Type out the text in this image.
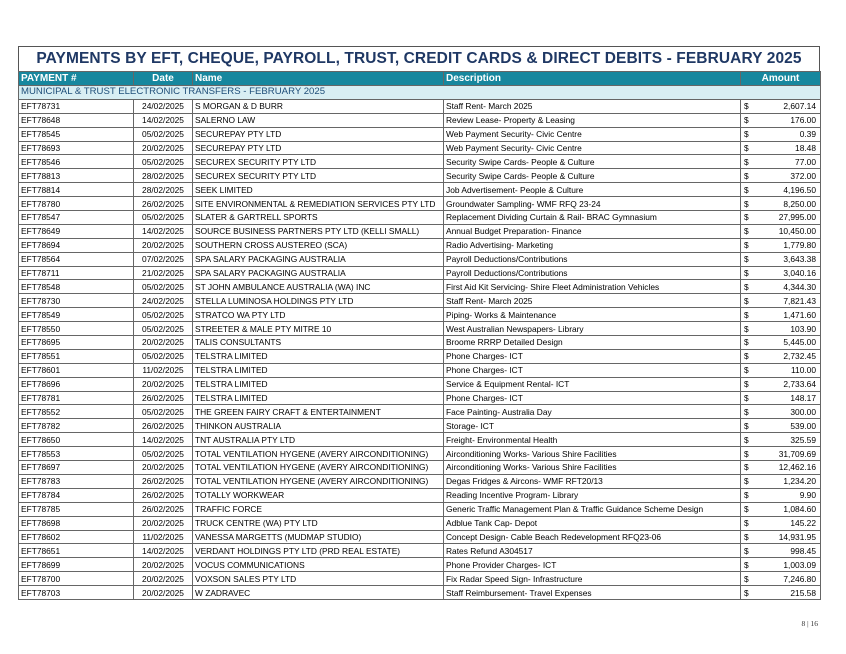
PAYMENTS BY EFT, CHEQUE, PAYROLL, TRUST, CREDIT CARDS & DIRECT DEBITS - FEBRUARY 2025
PAYMENT #	Date	Name	Description	Amount	
MUNICIPAL & TRUST ELECTRONIC TRANSFERS - FEBRUARY 2025					
EFT78731	24/02/2025	S MORGAN & D BURR	Staff Rent- March 2025	$	2,607.14
EFT78648	14/02/2025	SALERNO LAW	Review Lease- Property & Leasing	$	176.00
EFT78545	05/02/2025	SECUREPAY PTY LTD	Web Payment Security- Civic Centre	$	0.39
EFT78693	20/02/2025	SECUREPAY PTY LTD	Web Payment Security- Civic Centre	$	18.48
EFT78546	05/02/2025	SECUREX SECURITY PTY LTD	Security Swipe Cards- People & Culture	$	77.00
EFT78813	28/02/2025	SECUREX SECURITY PTY LTD	Security Swipe Cards- People & Culture	$	372.00
EFT78814	28/02/2025	SEEK LIMITED	Job Advertisement- People & Culture	$	4,196.50
EFT78780	26/02/2025	SITE ENVIRONMENTAL & REMEDIATION SERVICES PTY LTD	Groundwater Sampling- WMF RFQ 23-24	$	8,250.00
EFT78547	05/02/2025	SLATER & GARTRELL SPORTS	Replacement Dividing Curtain & Rail- BRAC Gymnasium	$	27,995.00
EFT78649	14/02/2025	SOURCE BUSINESS PARTNERS PTY LTD (KELLI SMALL)	Annual Budget Preparation- Finance	$	10,450.00
EFT78694	20/02/2025	SOUTHERN CROSS AUSTEREO (SCA)	Radio Advertising- Marketing	$	1,779.80
EFT78564	07/02/2025	SPA SALARY PACKAGING AUSTRALIA	Payroll Deductions/Contributions	$	3,643.38
EFT78711	21/02/2025	SPA SALARY PACKAGING AUSTRALIA	Payroll Deductions/Contributions	$	3,040.16
EFT78548	05/02/2025	ST JOHN AMBULANCE AUSTRALIA (WA) INC	First Aid Kit Servicing- Shire Fleet Administration Vehicles	$	4,344.30
EFT78730	24/02/2025	STELLA LUMINOSA HOLDINGS PTY LTD	Staff Rent- March 2025	$	7,821.43
EFT78549	05/02/2025	STRATCO WA PTY LTD	Piping- Works & Maintenance	$	1,471.60
EFT78550	05/02/2025	STREETER & MALE PTY MITRE 10	West Australian Newspapers- Library	$	103.90
EFT78695	20/02/2025	TALIS CONSULTANTS	Broome RRRP Detailed Design	$	5,445.00
EFT78551	05/02/2025	TELSTRA LIMITED	Phone Charges- ICT	$	2,732.45
EFT78601	11/02/2025	TELSTRA LIMITED	Phone Charges- ICT	$	110.00
EFT78696	20/02/2025	TELSTRA LIMITED	Service & Equipment Rental- ICT	$	2,733.64
EFT78781	26/02/2025	TELSTRA LIMITED	Phone Charges- ICT	$	148.17
EFT78552	05/02/2025	THE GREEN FAIRY CRAFT & ENTERTAINMENT	Face Painting- Australia Day	$	300.00
EFT78782	26/02/2025	THINKON AUSTRALIA	Storage- ICT	$	539.00
EFT78650	14/02/2025	TNT AUSTRALIA PTY LTD	Freight- Environmental Health	$	325.59
EFT78553	05/02/2025	TOTAL VENTILATION HYGENE (AVERY AIRCONDITIONING)	Airconditioning Works- Various Shire Facilities	$	31,709.69
EFT78697	20/02/2025	TOTAL VENTILATION HYGENE (AVERY AIRCONDITIONING)	Airconditioning Works- Various Shire Facilities	$	12,462.16
EFT78783	26/02/2025	TOTAL VENTILATION HYGENE (AVERY AIRCONDITIONING)	Degas Fridges & Aircons- WMF RFT20/13	$	1,234.20
EFT78784	26/02/2025	TOTALLY WORKWEAR	Reading Incentive Program- Library	$	9.90
EFT78785	26/02/2025	TRAFFIC FORCE	Generic Traffic Management Plan & Traffic Guidance Scheme Design	$	1,084.60
EFT78698	20/02/2025	TRUCK CENTRE (WA) PTY LTD	Adblue Tank Cap- Depot	$	145.22
EFT78602	11/02/2025	VANESSA MARGETTS (MUDMAP STUDIO)	Concept Design- Cable Beach Redevelopment RFQ23-06	$	14,931.95
EFT78651	14/02/2025	VERDANT HOLDINGS PTY LTD (PRD REAL ESTATE)	Rates Refund A304517	$	998.45
EFT78699	20/02/2025	VOCUS COMMUNICATIONS	Phone Provider Charges- ICT	$	1,003.09
EFT78700	20/02/2025	VOXSON SALES PTY LTD	Fix Radar Speed Sign- Infrastructure	$	7,246.80
EFT78703	20/02/2025	W ZADRAVEC	Staff Reimbursement- Travel Expenses	$	215.58
8 | 16
